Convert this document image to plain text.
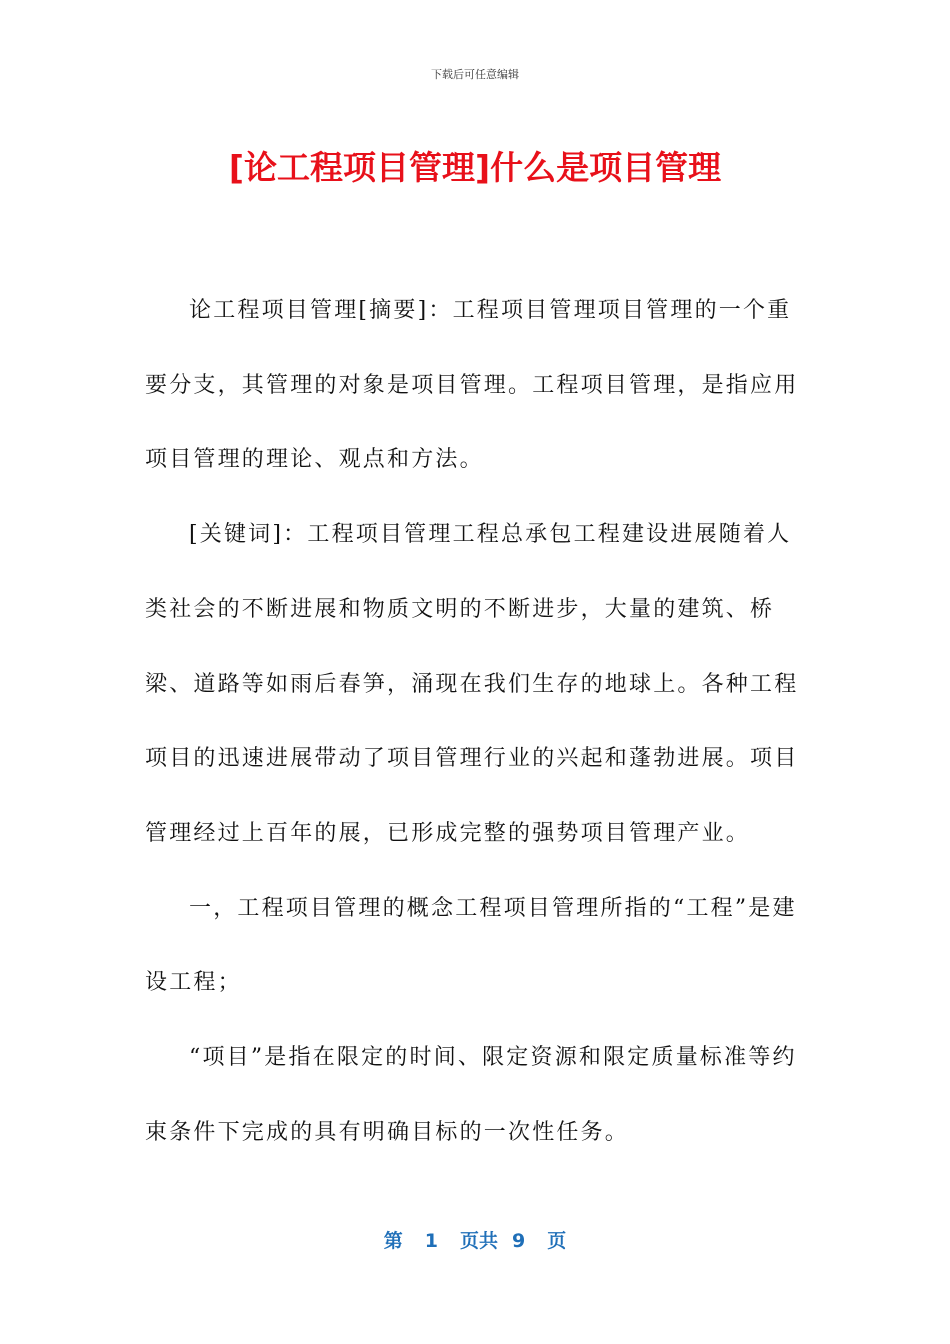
下载后可任意编辑
[论工程项目管理]什么是项目管理

论工程项目管理[摘要]：工程项目管理项目管理的一个重要分支，其管理的对象是项目管理。工程项目管理，是指应用项目管理的理论、观点和方法。

[关键词]：工程项目管理工程总承包工程建设进展随着人类社会的不断进展和物质文明的不断进步，大量的建筑、桥梁、道路等如雨后春笋，涌现在我们生存的地球上。各种工程项目的迅速进展带动了项目管理行业的兴起和蓬勃进展。项目管理经过上百年的展，已形成完整的强势项目管理产业。

一，工程项目管理的概念工程项目管理所指的“工程”是建设工程；

“项目”是指在限定的时间、限定资源和限定质量标准等约束条件下完成的具有明确目标的一次性任务。

第 1 页共 9 页
